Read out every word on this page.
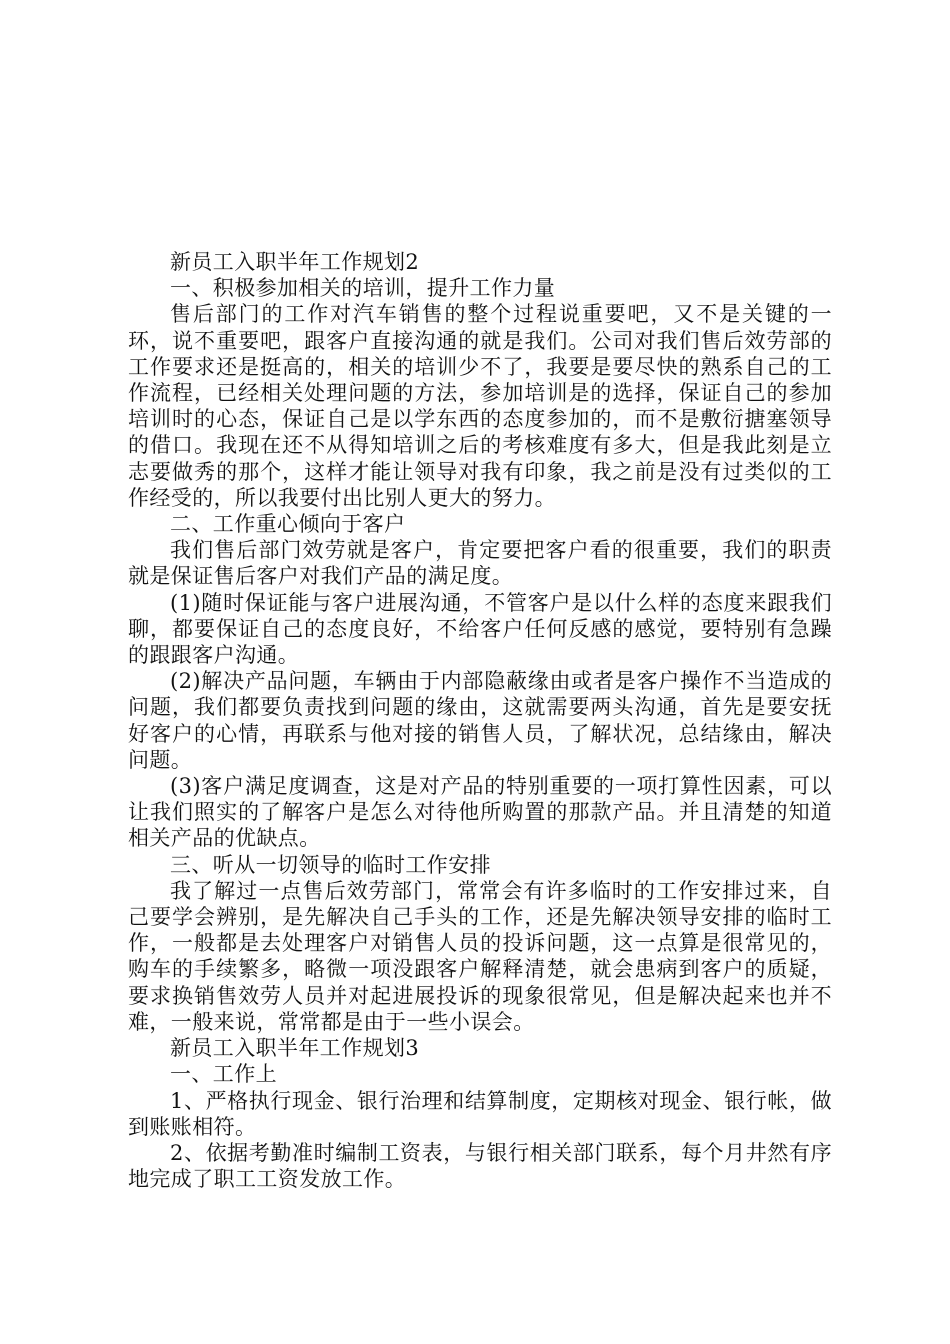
新员工入职半年工作规划2

一、积极参加相关的培训，提升工作力量

售后部门的工作对汽车销售的整个过程说重要吧，又不是关键的一环，说不重要吧，跟客户直接沟通的就是我们。公司对我们售后效劳部的工作要求还是挺高的，相关的培训少不了，我要是要尽快的熟系自己的工作流程，已经相关处理问题的方法，参加培训是的选择，保证自己的参加培训时的心态，保证自己是以学东西的态度参加的，而不是敷衍搪塞领导的借口。我现在还不从得知培训之后的考核难度有多大，但是我此刻是立志要做秀的那个，这样才能让领导对我有印象，我之前是没有过类似的工作经受的，所以我要付出比别人更大的努力。

二、工作重心倾向于客户

我们售后部门效劳就是客户，肯定要把客户看的很重要，我们的职责就是保证售后客户对我们产品的满足度。

(1)随时保证能与客户进展沟通，不管客户是以什么样的态度来跟我们聊，都要保证自己的态度良好，不给客户任何反感的感觉，要特别有急躁的跟跟客户沟通。

(2)解决产品问题，车辆由于内部隐蔽缘由或者是客户操作不当造成的问题，我们都要负责找到问题的缘由，这就需要两头沟通，首先是要安抚好客户的心情，再联系与他对接的销售人员，了解状况，总结缘由，解决问题。

(3)客户满足度调查，这是对产品的特别重要的一项打算性因素，可以让我们照实的了解客户是怎么对待他所购置的那款产品。并且清楚的知道相关产品的优缺点。

三、听从一切领导的临时工作安排

我了解过一点售后效劳部门，常常会有许多临时的工作安排过来，自己要学会辨别，是先解决自己手头的工作，还是先解决领导安排的临时工作，一般都是去处理客户对销售人员的投诉问题，这一点算是很常见的，购车的手续繁多，略微一项没跟客户解释清楚，就会患病到客户的质疑，要求换销售效劳人员并对起进展投诉的现象很常见，但是解决起来也并不难，一般来说，常常都是由于一些小误会。

新员工入职半年工作规划3

一、工作上

1、严格执行现金、银行治理和结算制度，定期核对现金、银行帐，做到账账相符。

2、依据考勤准时编制工资表，与银行相关部门联系，每个月井然有序地完成了职工工资发放工作。
